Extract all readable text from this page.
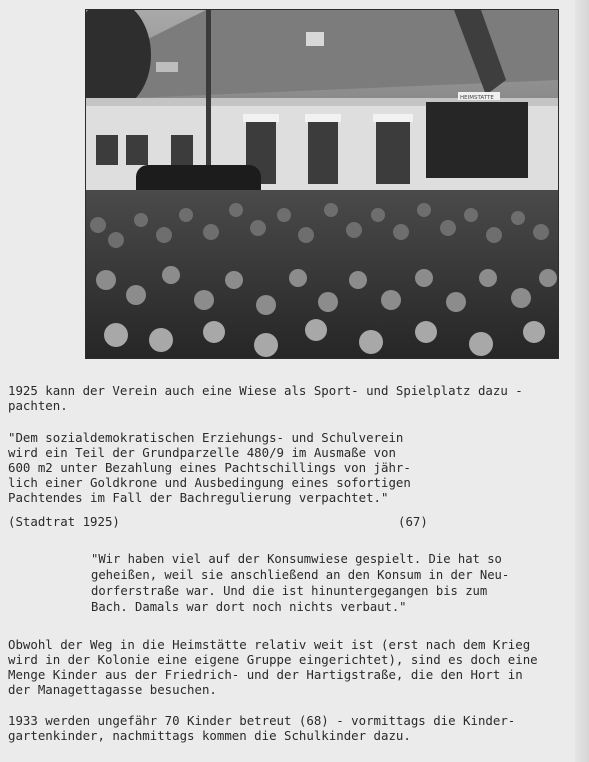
HEIMSTATTE
1925 kann der Verein auch eine Wiese als Sport- und Spielplatz dazu -
pachten.
"Dem sozialdemokratischen Erziehungs- und Schulverein
wird ein Teil der Grundparzelle 480/9 im Ausmaße von
600 m2 unter Bezahlung eines Pachtschillings von jähr-
lich einer Goldkrone und Ausbedingung eines sofortigen
Pachtendes im Fall der Bachregulierung verpachtet."
(Stadtrat 1925)	(67)
"Wir haben viel auf der Konsumwiese gespielt. Die hat so
geheißen, weil sie anschließend an den Konsum in der Neu-
dorferstraße war. Und die ist hinuntergegangen bis zum
Bach. Damals war dort noch nichts verbaut."
Obwohl der Weg in die Heimstätte relativ weit ist (erst nach dem Krieg
wird in der Kolonie eine eigene Gruppe eingerichtet), sind es doch eine
Menge Kinder aus der Friedrich- und der Hartigstraße, die den Hort in
der Managettagasse besuchen.
1933 werden ungefähr 70 Kinder betreut (68) - vormittags die Kinder-
gartenkinder, nachmittags kommen die Schulkinder dazu.
